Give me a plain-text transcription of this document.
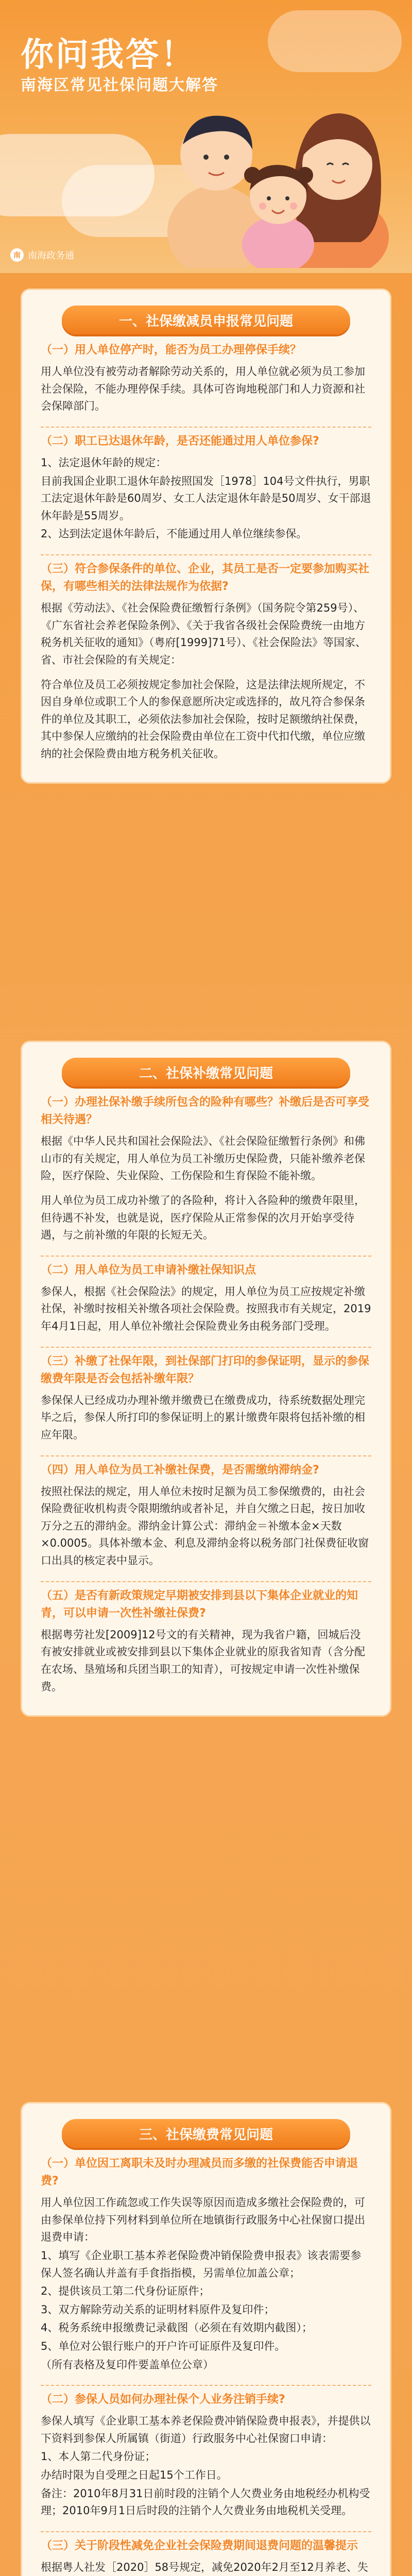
你问我答！
南海区常见社保问题大解答
南 南海政务通
一、社保缴减员申报常见问题
（一）用人单位停产时，能否为员工办理停保手续？

用人单位没有被劳动者解除劳动关系的，用人单位就必须为员工参加社会保险，不能办理停保手续。具体可咨询地税部门和人力资源和社会保障部门。

（二）职工已达退休年龄，是否还能通过用人单位参保?

1、法定退休年龄的规定：

目前我国企业职工退休年龄按照国发［1978］104号文件执行，男职工法定退休年龄是60周岁、女工人法定退休年龄是50周岁、女干部退休年龄是55周岁。

2、达到法定退休年龄后，不能通过用人单位继续参保。

（三）符合参保条件的单位、企业，其员工是否一定要参加购买社保，有哪些相关的法律法规作为依据?

根据《劳动法》、《社会保险费征缴暂行条例》（国务院令第259号）、《广东省社会养老保险条例》、《关于我省各级社会保险费统一由地方税务机关征收的通知》（粤府[1999]71号）、《社会保险法》等国家、省、市社会保险的有关规定：

符合单位及员工必须按规定参加社会保险，这是法律法规所规定，不因自身单位或职工个人的参保意愿所决定或选择的，故凡符合参保条件的单位及其职工，必须依法参加社会保险，按时足额缴纳社保费，其中参保人应缴纳的社会保险费由单位在工资中代扣代缴，单位应缴纳的社会保险费由地方税务机关征收。

二、社保补缴常见问题
（一）办理社保补缴手续所包含的险种有哪些？补缴后是否可享受相关待遇？

根据《中华人民共和国社会保险法》、《社会保险征缴暂行条例》和佛山市的有关规定，用人单位为员工补缴历史保险费，只能补缴养老保险，医疗保险、失业保险、工伤保险和生育保险不能补缴。

用人单位为员工成功补缴了的各险种，将计入各险种的缴费年限里，但待遇不补发，也就是说，医疗保险从正常参保的次月开始享受待遇，与之前补缴的年限的长短无关。

（二）用人单位为员工申请补缴社保知识点

参保人，根据《社会保险法》的规定，用人单位为员工应按规定补缴社保，补缴时按相关补缴各项社会保险费。按照我市有关规定，2019年4月1日起，用人单位补缴社会保险费业务由税务部门受理。

（三）补缴了社保年限，到社保部门打印的参保证明，显示的参保缴费年限是否会包括补缴年限？

参保保人已经成功办理补缴并缴费已在缴费成功，待系统数据处理完毕之后，参保人所打印的参保证明上的累计缴费年限将包括补缴的相应年限。

（四）用人单位为员工补缴社保费，是否需缴纳滞纳金?

按照社保法的规定，用人单位未按时足额为员工参保缴费的，由社会保险费征收机构责令限期缴纳或者补足，并自欠缴之日起，按日加收万分之五的滞纳金。滞纳金计算公式：滞纳金＝补缴本金×天数×0.0005。具体补缴本金、利息及滞纳金将以税务部门社保费征收窗口出具的核定表中显示。

（五）是否有新政策规定早期被安排到县以下集体企业就业的知青，可以申请一次性补缴社保费?

根据粤劳社发[2009]12号文的有关精神，现为我省户籍，回城后没有被安排就业或被安排到县以下集体企业就业的原我省知青（含分配在农场、垦殖场和兵团当职工的知青），可按规定申请一次性补缴保费。

三、社保缴费常见问题
（一）单位因工离职未及时办理减员而多缴的社保费能否申请退费?

用人单位因工作疏忽或工作失误等原因而造成多缴社会保险费的，可由参保单位持下列材料到单位所在地镇街行政服务中心社保窗口提出退费申请：

1、填写《企业职工基本养老保险费冲销保险费申报表》该表需要参保人签名确认并盖有手食指指模，另需单位加盖公章；

2、提供该员工第二代身份证原件；

3、双方解除劳动关系的证明材料原件及复印件；

4、税务系统申报缴费记录截图（必须在有效期内截图）；

5、单位对公银行账户的开户许可证原件及复印件。

（所有表格及复印件要盖单位公章）

（二）参保人员如何办理社保个人业务注销手续?

参保人填写《企业职工基本养老保险费冲销保险费申报表》，并提供以下资料到参保人所属镇（街道）行政服务中心社保窗口申请：

1、本人第二代身份证；

办结时限为自受理之日起15个工作日。

备注：2010年8月31日前时段的注销个人欠费业务由地税经办机构受理；2010年9月1日后时段的注销个人欠费业务由地税机关受理。

（三）关于阶段性减免企业社会保险费期间退费问题的温馨提示

根据粤人社发［2020］58号规定，减免2020年2月至12月养老、失
